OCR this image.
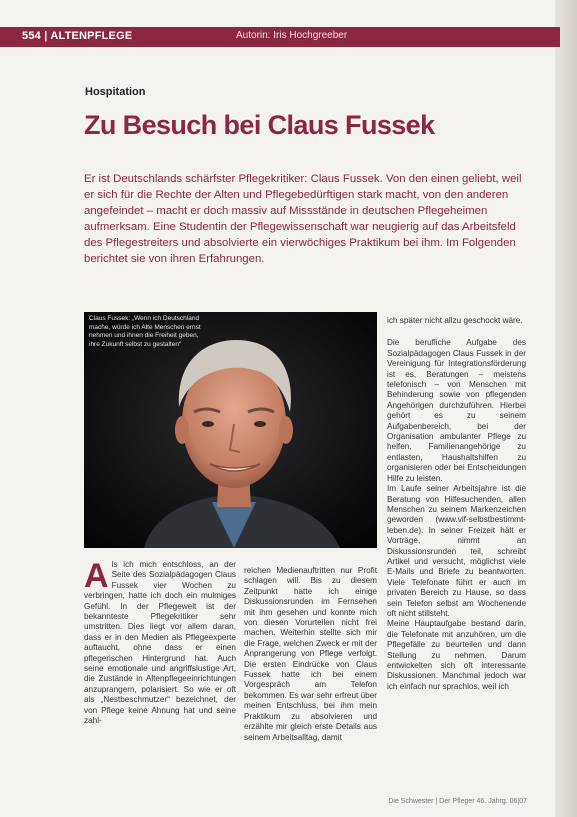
554 | ALTENPFLEGE	Autorin: Iris Hochgreeber
Hospitation
Zu Besuch bei Claus Fussek
Er ist Deutschlands schärfster Pflegekritiker: Claus Fussek. Von den einen geliebt, weil er sich für die Rechte der Alten und Pflegebedürftigen stark macht, von den anderen angefeindet – macht er doch massiv auf Missstände in deutschen Pflegeheimen aufmerksam. Eine Studentin der Pflegewissenschaft war neugierig auf das Arbeitsfeld des Pflegestreiters und absolvierte ein vierwöchiges Praktikum bei ihm. Im Folgenden berichtet sie von ihren Erfahrungen.
Claus Fussek: „Wenn ich Deutschland mache, würde ich Alte Menschen ernst nehmen und ihnen die Freiheit geben, ihre Zukunft selbst zu gestalten“
A ls ich mich entschloss, an der Seite des Sozialpädagogen Claus Fussek vier Wochen zu verbringen, hatte ich doch ein mulmiges Gefühl. In der Pflegewelt ist der bekannteste Pflegekritiker sehr umstritten. Dies liegt vor allem daran, dass er in den Medien als Pflegeexperte auftaucht, ohne dass er einen pflegerischen Hintergrund hat. Auch seine emotionale und angriffslustige Art, die Zustände in Altenpflegeeinrichtungen anzuprangern, polarisiert. So wie er oft als „Nestbeschmutzer“ bezeichnet, der von Pflege keine Ahnung hat und seine zahl-

reichen Medienauftritten nur Profit schlagen will. Bis zu diesem Zeitpunkt hatte ich einige Diskussionsrunden im Fernsehen mit ihm gesehen und konnte mich von diesen Vorurteilen nicht frei machen. Weiterhin stellte sich mir die Frage, welchen Zweck er mit der Anprangerung von Pflege verfolgt. Die ersten Eindrücke von Claus Fussek hatte ich bei einem Vorgespräch am Telefon bekommen. Es war sehr erfreut über meinen Entschluss, bei ihm mein Praktikum zu absolvieren und erzählte mir gleich erste Details aus seinem Arbeitsalltag, damit

ich später nicht allzu geschockt wäre.

Die berufliche Aufgabe des Sozialpädagogen Claus Fussek in der Vereinigung für Integrationsförderung ist es, Beratungen – meistens telefonisch – von Menschen mit Behinderung sowie von pflegenden Angehörigen durchzuführen. Hierbei gehört es zu seinem Aufgabenbereich, bei der Organisation ambulanter Pflege zu helfen, Familienangehörige zu entlasten, Haushaltshilfen zu organisieren oder bei Entscheidungen Hilfe zu leisten.

Im Laufe seiner Arbeitsjahre ist die Beratung von Hilfesuchenden, allen Menschen zu seinem Markenzeichen geworden (www.vif-selbstbestimmt-leben.de). In seiner Freizeit hält er Vorträge, nimmt an Diskussionsrunden teil, schreibt Artikel und versucht, möglichst viele E-Mails und Briefe zu beantworten. Viele Telefonate führt er auch im privaten Bereich zu Hause, so dass sein Telefon selbst am Wochenende oft nicht stillsteht.

Meine Hauptaufgabe bestand darin, die Telefonate mit anzuhören, um die Pflegefälle zu beurteilen und dann Stellung zu nehmen. Darum entwickelten sich oft interessante Diskussionen. Manchmal jedoch war ich einfach nur sprachlos, weil ich

Die Schwester | Der Pfleger 46. Jahrg. 06|07
